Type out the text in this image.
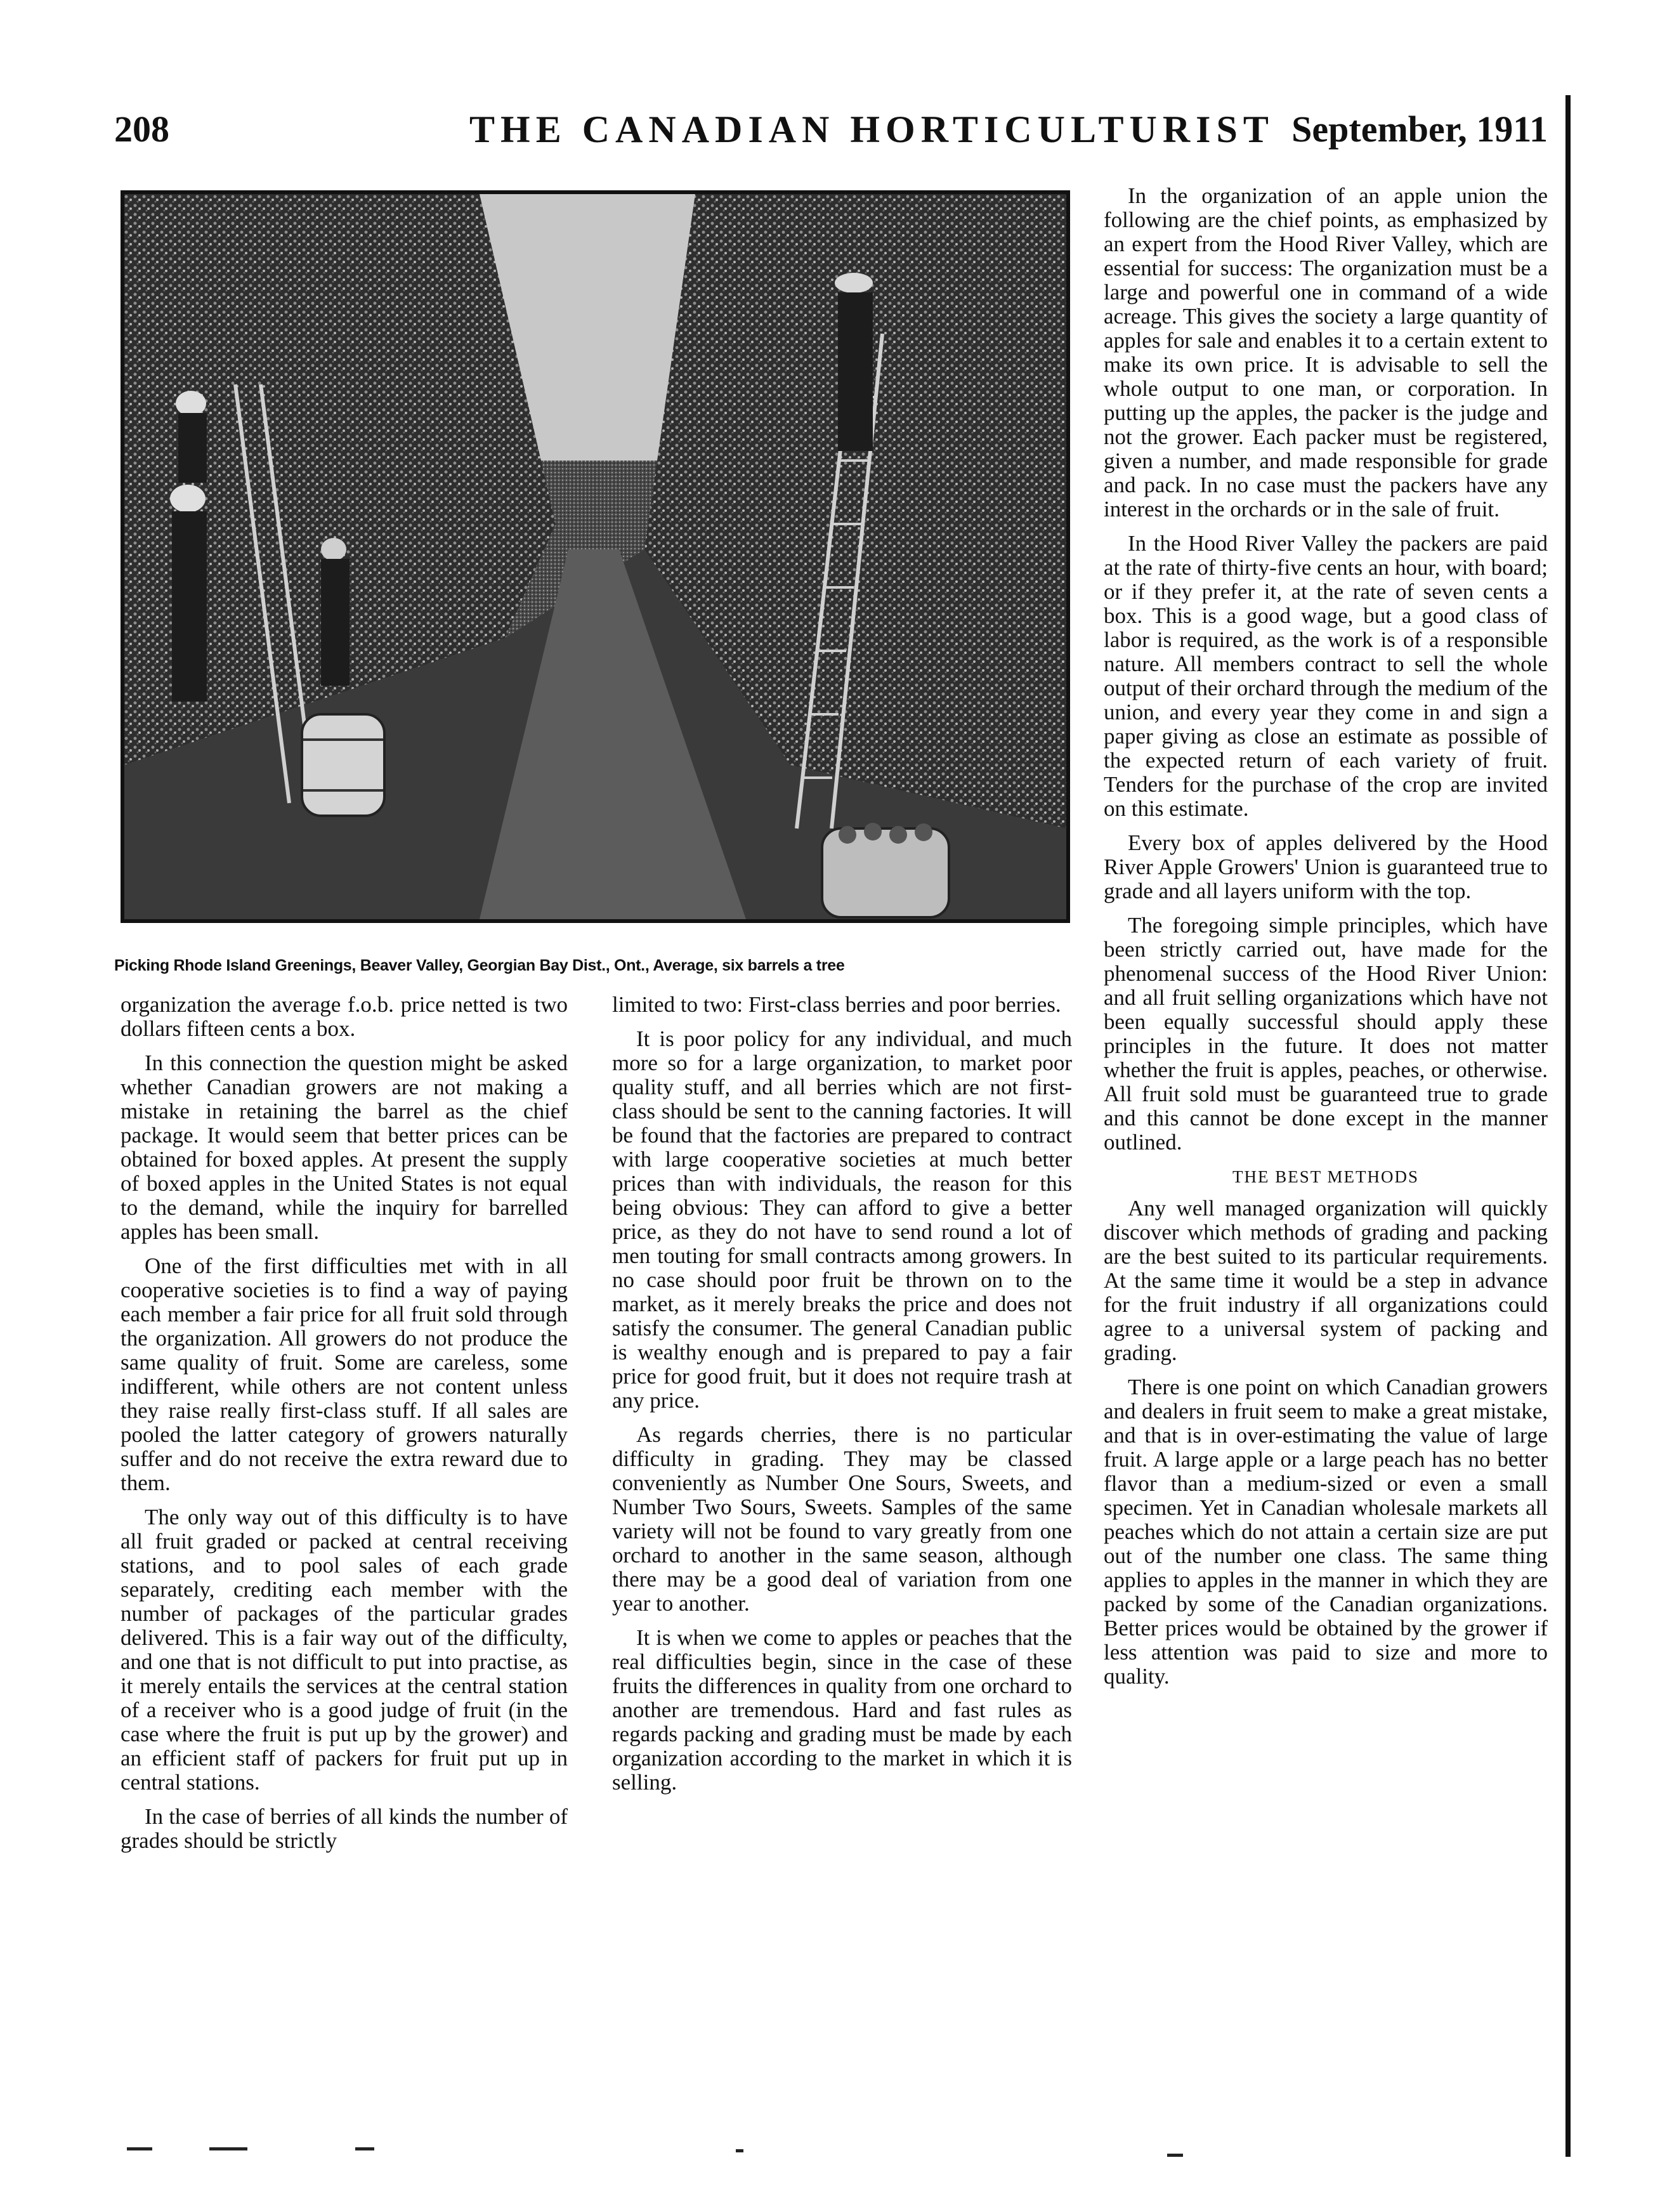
208	THE CANADIAN HORTICULTURIST September, 1911
Picking Rhode Island Greenings, Beaver Valley, Georgian Bay Dist., Ont., Average, six barrels a tree

organization the average f.o.b. price netted is two dollars fifteen cents a box.

In this connection the question might be asked whether Canadian growers are not making a mistake in retaining the barrel as the chief package. It would seem that better prices can be obtained for boxed apples. At present the supply of boxed apples in the United States is not equal to the demand, while the inquiry for barrelled apples has been small.

One of the first difficulties met with in all cooperative societies is to find a way of paying each member a fair price for all fruit sold through the organization. All growers do not produce the same quality of fruit. Some are careless, some indifferent, while others are not content unless they raise really first-class stuff. If all sales are pooled the latter category of growers naturally suffer and do not receive the extra reward due to them.

The only way out of this difficulty is to have all fruit graded or packed at central receiving stations, and to pool sales of each grade separately, crediting each member with the number of packages of the particular grades delivered. This is a fair way out of the difficulty, and one that is not difficult to put into practise, as it merely entails the services at the central station of a receiver who is a good judge of fruit (in the case where the fruit is put up by the grower) and an efficient staff of packers for fruit put up in central stations.

In the case of berries of all kinds the number of grades should be strictly

limited to two: First-class berries and poor berries.

It is poor policy for any individual, and much more so for a large organization, to market poor quality stuff, and all berries which are not first-class should be sent to the canning factories. It will be found that the factories are prepared to contract with large cooperative societies at much better prices than with individuals, the reason for this being obvious: They can afford to give a better price, as they do not have to send round a lot of men touting for small contracts among growers. In no case should poor fruit be thrown on to the market, as it merely breaks the price and does not satisfy the consumer. The general Canadian public is wealthy enough and is prepared to pay a fair price for good fruit, but it does not require trash at any price.

As regards cherries, there is no particular difficulty in grading. They may be classed conveniently as Number One Sours, Sweets, and Number Two Sours, Sweets. Samples of the same variety will not be found to vary greatly from one orchard to another in the same season, although there may be a good deal of variation from one year to another.

It is when we come to apples or peaches that the real difficulties begin, since in the case of these fruits the differences in quality from one orchard to another are tremendous. Hard and fast rules as regards packing and grading must be made by each organization according to the market in which it is selling.

In the organization of an apple union the following are the chief points, as emphasized by an expert from the Hood River Valley, which are essential for success: The organization must be a large and powerful one in command of a wide acreage. This gives the society a large quantity of apples for sale and enables it to a certain extent to make its own price. It is advisable to sell the whole output to one man, or corporation. In putting up the apples, the packer is the judge and not the grower. Each packer must be registered, given a number, and made responsible for grade and pack. In no case must the packers have any interest in the orchards or in the sale of fruit.

In the Hood River Valley the packers are paid at the rate of thirty-five cents an hour, with board; or if they prefer it, at the rate of seven cents a box. This is a good wage, but a good class of labor is required, as the work is of a responsible nature. All members contract to sell the whole output of their orchard through the medium of the union, and every year they come in and sign a paper giving as close an estimate as possible of the expected return of each variety of fruit. Tenders for the purchase of the crop are invited on this estimate.

Every box of apples delivered by the Hood River Apple Growers' Union is guaranteed true to grade and all layers uniform with the top.

The foregoing simple principles, which have been strictly carried out, have made for the phenomenal success of the Hood River Union: and all fruit selling organizations which have not been equally successful should apply these principles in the future. It does not matter whether the fruit is apples, peaches, or otherwise. All fruit sold must be guaranteed true to grade and this cannot be done except in the manner outlined.

THE BEST METHODS

Any well managed organization will quickly discover which methods of grading and packing are the best suited to its particular requirements. At the same time it would be a step in advance for the fruit industry if all organizations could agree to a universal system of packing and grading.

There is one point on which Canadian growers and dealers in fruit seem to make a great mistake, and that is in over-estimating the value of large fruit. A large apple or a large peach has no better flavor than a medium-sized or even a small specimen. Yet in Canadian wholesale markets all peaches which do not attain a certain size are put out of the number one class. The same thing applies to apples in the manner in which they are packed by some of the Canadian organizations. Better prices would be obtained by the grower if less attention was paid to size and more to quality.
